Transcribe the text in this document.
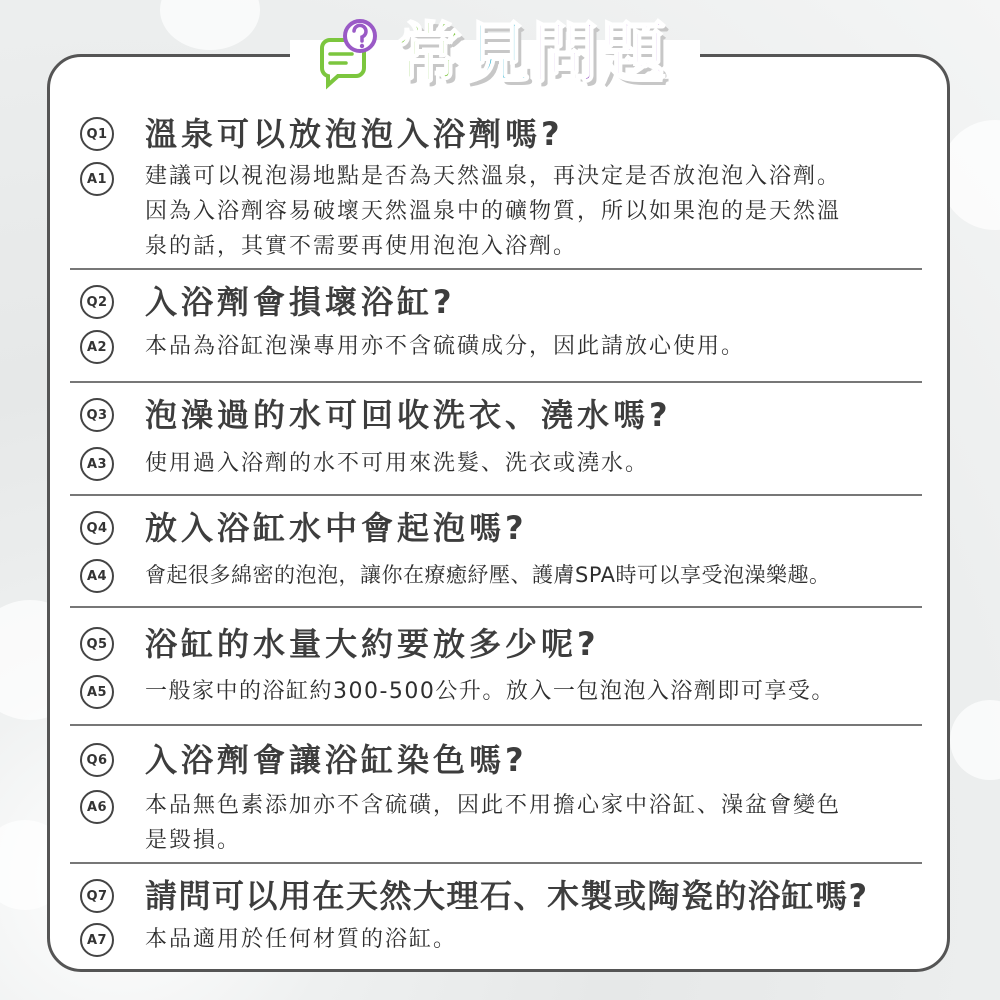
常見問題
Q1 溫泉可以放泡泡入浴劑嗎?
A1	建議可以視泡湯地點是否為天然溫泉，再決定是否放泡泡入浴劑。
因為入浴劑容易破壞天然溫泉中的礦物質，所以如果泡的是天然溫
泉的話，其實不需要再使用泡泡入浴劑。
Q2 入浴劑會損壞浴缸?
A2	本品為浴缸泡澡專用亦不含硫磺成分，因此請放心使用。
Q3 泡澡過的水可回收洗衣、澆水嗎?
A3	使用過入浴劑的水不可用來洗髮、洗衣或澆水。
Q4 放入浴缸水中會起泡嗎?
A4	會起很多綿密的泡泡，讓你在療癒紓壓、護膚SPA時可以享受泡澡樂趣。
Q5 浴缸的水量大約要放多少呢?
A5	一般家中的浴缸約300-500公升。放入一包泡泡入浴劑即可享受。
Q6 入浴劑會讓浴缸染色嗎?
A6	本品無色素添加亦不含硫磺，因此不用擔心家中浴缸、澡盆會變色
是毀損。
Q7 請問可以用在天然大理石、木製或陶瓷的浴缸嗎?
A7	本品適用於任何材質的浴缸。
